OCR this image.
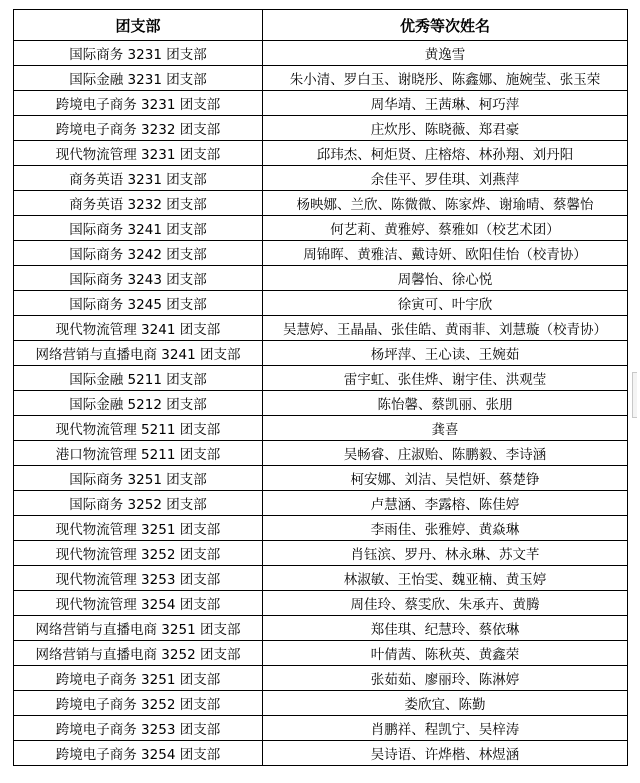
团支部	优秀等次姓名
国际商务 3231 团支部	黄逸雪
国际金融 3231 团支部	朱小清、罗白玉、谢晓彤、陈鑫娜、施婉莹、张玉荣
跨境电子商务 3231 团支部	周华靖、王茜琳、柯巧萍
跨境电子商务 3232 团支部	庄炊彤、陈晓薇、郑君豪
现代物流管理 3231 团支部	邱玮杰、柯炬贤、庄榕熔、林孙翔、刘丹阳
商务英语 3231 团支部	余佳平、罗佳琪、刘燕萍
商务英语 3232 团支部	杨映娜、兰欣、陈微微、陈家烨、谢瑜晴、蔡馨怡
国际商务 3241 团支部	何艺莉、黄雅婷、蔡雅如（校艺术团）
国际商务 3242 团支部	周锦晖、黄雅洁、戴诗妍、欧阳佳怡（校青协）
国际商务 3243 团支部	周馨怡、徐心悦
国际商务 3245 团支部	徐寅可、叶宇欣
现代物流管理 3241 团支部	吴慧婷、王晶晶、张佳皓、黄雨菲、刘慧璇（校青协）
网络营销与直播电商 3241 团支部	杨坪萍、王心读、王婉茹
国际金融 5211 团支部	雷宇虹、张佳烨、谢宇佳、洪观莹
国际金融 5212 团支部	陈怡馨、蔡凯丽、张朋
现代物流管理 5211 团支部	龚喜
港口物流管理 5211 团支部	吴畅睿、庄淑贻、陈鹏毅、李诗涵
国际商务 3251 团支部	柯安娜、刘洁、吴恺妍、蔡楚铮
国际商务 3252 团支部	卢慧涵、李露榕、陈佳婷
现代物流管理 3251 团支部	李雨佳、张雅婷、黄焱琳
现代物流管理 3252 团支部	肖钰滨、罗丹、林永琳、苏文芊
现代物流管理 3253 团支部	林淑敏、王怡雯、魏亚楠、黄玉婷
现代物流管理 3254 团支部	周佳玲、蔡雯欣、朱承卉、黄腾
网络营销与直播电商 3251 团支部	郑佳琪、纪慧玲、蔡依琳
网络营销与直播电商 3252 团支部	叶倩茜、陈秋英、黄鑫荣
跨境电子商务 3251 团支部	张茹茹、廖丽玲、陈淋婷
跨境电子商务 3252 团支部	娄欣宜、陈勤
跨境电子商务 3253 团支部	肖鹏祥、程凯宁、吴梓涛
跨境电子商务 3254 团支部	吴诗语、许烨楷、林煜涵
